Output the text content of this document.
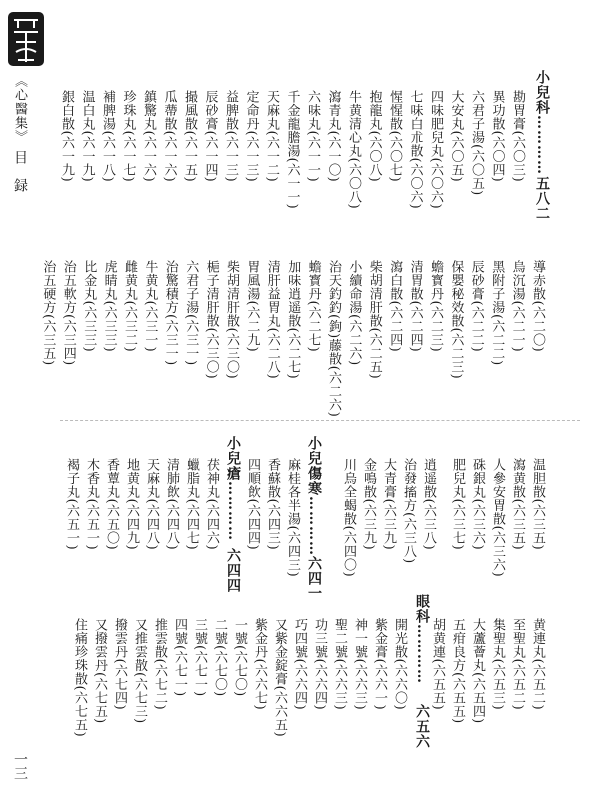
《心醫集》
目録
一三
小兒科…………
五八二
勘胃膏(六〇三)
異功散(六〇四)
六君子湯(六〇五)
大安丸(六〇五)
四味肥兒丸(六〇六)
七味白朮散(六〇六)
惺惺散(六〇七)
抱龍丸(六〇八)
牛黄清心丸(六〇八)
瀉青丸(六一〇)
六味丸(六一一)
千金龍膽湯(六一一)
天麻丸(六一二)
定命丹(六一三)
益脾散(六一三)
辰砂膏(六一四)
撮風散(六一五)
瓜蔕散(六一六)
鎮驚丸(六一六)
珍珠丸(六一七)
補脾湯(六一八)
温白丸(六一九)
銀白散(六一九)
導赤散(六二〇)
烏沉湯(六二一)
黑附子湯(六二二)
辰砂膏(六二二)
保嬰秘效散(六二三)
蟾寳丹(六二三)
清胃散(六二四)
瀉白散(六二四)
柴胡清肝散(六二五)
小續命湯(六二六)
治天釣釣(鉤)藤散(六二六)
蟾寳丹(六二七)
加味逍遥散(六二七)
清肝益胃丸(六二八)
胃風湯(六二九)
柴胡清肝散(六三〇)
梔子清肝散(六三〇)
六君子湯(六三一)
治驚積方(六三一)
牛黄丸(六三一)
雌黄丸(六三二)
虎睛丸(六三三)
比金丸(六三三)
治五軟方(六三四)
治五硬方(六三五)
小兒傷寒…………
六四一
小兒瘡…………
六四四
眼科…………
六五六
温胆散(六三五)
瀉黄散(六三五)
人參安胃散(六三六)
硃銀丸(六三六)
肥兒丸(六三七)
逍遥散(六三八)
治發搐方(六三八)
大青膏(六三九)
金鳴散(六三九)
川烏全蝎散(六四〇)
麻桂各半湯(六四三)
香蘇散(六四三)
四順飲(六四四)
茯神丸(六四六)
蠟脂丸(六四七)
清肺飲(六四八)
天麻丸(六四八)
地黄丸(六四九)
香蕈丸(六五〇)
木香丸(六五一)
褐子丸(六五一)
黄連丸(六五二)
至聖丸(六五二)
集聖丸(六五三)
大蘆薈丸(六五四)
五疳良方(六五五)
胡黄連(六五五)
開光散(六六〇)
紫金膏(六六一)
神一號(六六三)
聖二號(六六三)
功三號(六六四)
巧四號(六六四)
又紫金錠膏(六六五)
紫金丹(六六七)
一號(六七〇)
二號(六七〇)
三號(六七一)
四號(六七一)
推雲散(六七二)
又推雲散(六七三)
撥雲丹(六七四)
又撥雲丹(六七五)
住痛珍珠散(六七五)
